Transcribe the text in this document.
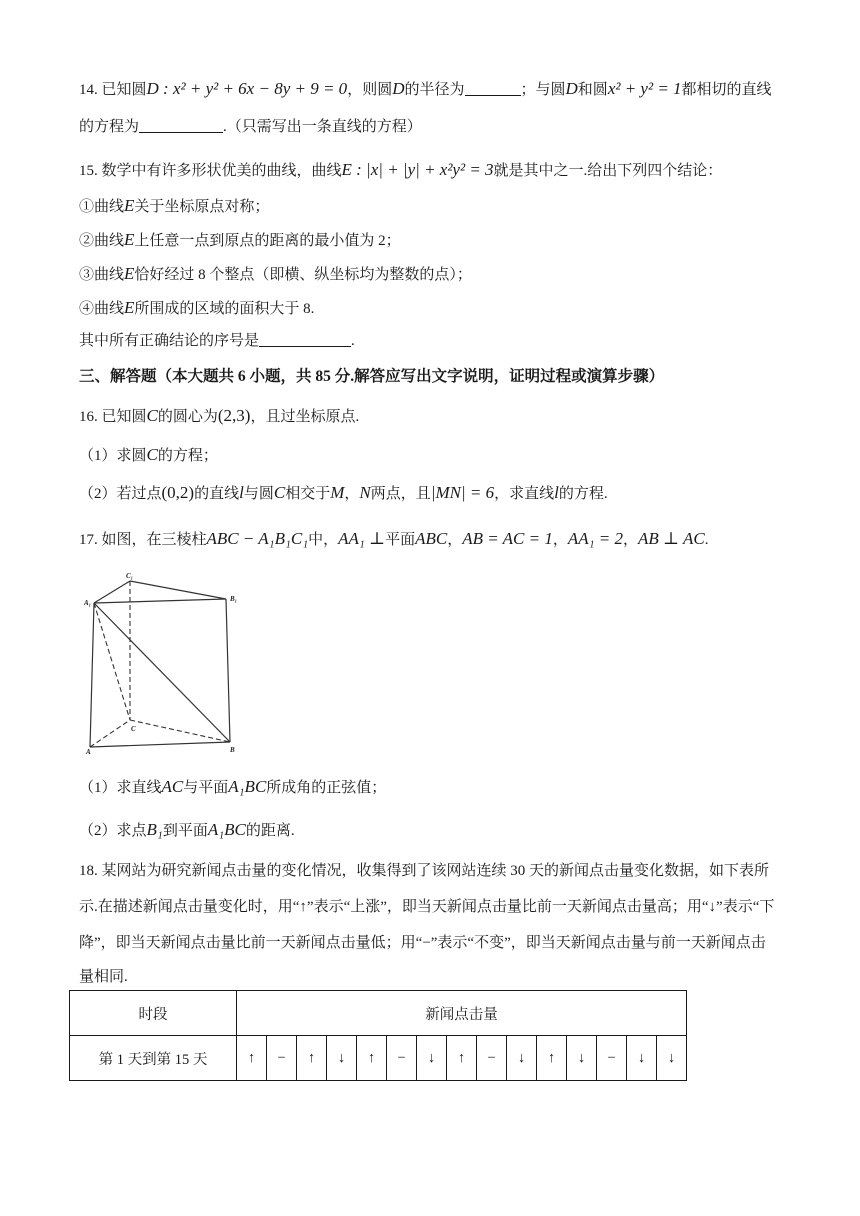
14. 已知圆D : x² + y² + 6x − 8y + 9 = 0，则圆D的半径为	；与圆D和圆x² + y² = 1都相切的直线
的方程为	.（只需写出一条直线的方程）
15. 数学中有许多形状优美的曲线，曲线E : |x| + |y| + x²y² = 3就是其中之一.给出下列四个结论：
①曲线E关于坐标原点对称；
②曲线E上任意一点到原点的距离的最小值为 2；
③曲线E恰好经过 8 个整点（即横、纵坐标均为整数的点）；
④曲线E所围成的区域的面积大于 8.
其中所有正确结论的序号是	.
三、解答题（本大题共 6 小题，共 85 分.解答应写出文字说明，证明过程或演算步骤）
16. 已知圆C的圆心为(2,3)，且过坐标原点.
（1）求圆C的方程；
（2）若过点(0,2)的直线l与圆C相交于M，N两点，且|MN| = 6，求直线l的方程.
17. 如图，在三棱柱ABC − A₁B₁C₁中，AA₁ ⊥平面ABC，AB = AC = 1，AA₁ = 2，AB ⊥ AC.
C₁
A₁	B₁
A	B
C
（1）求直线AC与平面A₁BC所成角的正弦值；
（2）求点B₁到平面A₁BC的距离.
18. 某网站为研究新闻点击量的变化情况，收集得到了该网站连续 30 天的新闻点击量变化数据，如下表所
示.在描述新闻点击量变化时，用“↑”表示“上涨”，即当天新闻点击量比前一天新闻点击量高；用“↓”表示“下
降”，即当天新闻点击量比前一天新闻点击量低；用“−”表示“不变”，即当天新闻点击量与前一天新闻点击
量相同.
时段	新闻点击量														
第 1 天到第 15 天	↑	−	↑	↓	↑	−	↓	↑	−	↓	↑	↓	−	↓	↓
